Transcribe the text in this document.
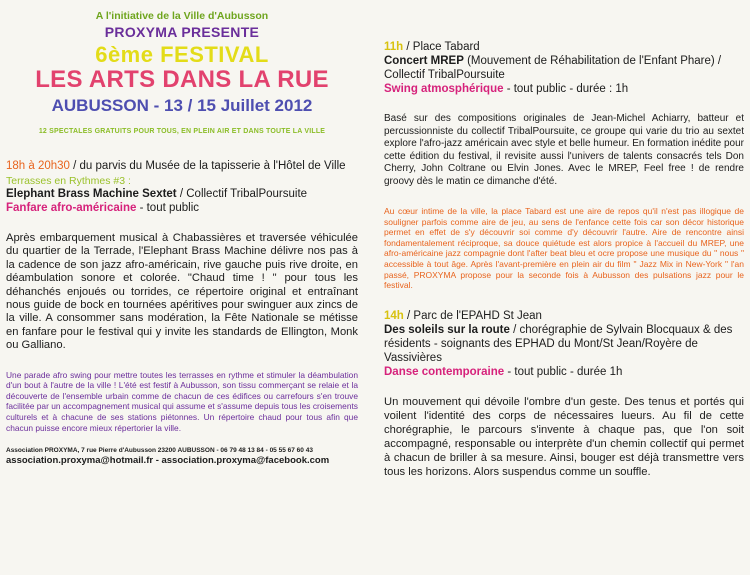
A l'initiative de la Ville d'Aubusson
PROXYMA PRESENTE
6ème FESTIVAL
LES ARTS DANS LA RUE
AUBUSSON - 13 / 15 Juillet 2012
12 SPECTALES GRATUITS POUR TOUS, EN PLEIN AIR ET DANS TOUTE LA VILLE
18h à 20h30 / du parvis du Musée de la tapisserie à l'Hôtel de Ville
Terrasses en Rythmes #3 :
Elephant Brass Machine Sextet / Collectif TribalPoursuite
Fanfare afro-américaine - tout public
Après embarquement musical à Chabassières et traversée véhiculée du quartier de la Terrade, l'Elephant Brass Machine délivre nos pas à la cadence de son jazz afro-américain, rive gauche puis rive droite, en déambulation sonore et colorée. "Chaud time ! " pour tous les déhanchés enjoués ou torrides, ce répertoire original et entraînant nous guide de bock en tournées apéritives pour swinguer aux zincs de la ville. A consommer sans modération, la Fête Nationale se métisse en fanfare pour le festival qui y invite les standards de Ellington, Monk ou Galliano.
Une parade afro swing pour mettre toutes les terrasses en rythme et stimuler la déambulation d'un bout à l'autre de la ville ! L'été est festif à Aubusson, son tissu commerçant se relaie et la découverte de l'ensemble urbain comme de chacun de ces édifices ou carrefours s'en trouve facilitée par un accompagnement musical qui assume et s'assume depuis tous les croisements culturels et à chacune de ses stations piétonnes. Un répertoire chaud pour tous afin que chacun puisse encore mieux répertorier la ville.
Association PROXYMA, 7 rue Pierre d'Aubusson 23200 AUBUSSON - 06 79 48 13 84 - 05 55 67 60 43
association.proxyma@hotmail.fr - association.proxyma@facebook.com
11h / Place Tabard
Concert MREP (Mouvement de Réhabilitation de l'Enfant Phare) / Collectif TribalPoursuite
Swing atmosphérique - tout public - durée : 1h
Basé sur des compositions originales de Jean-Michel Achiarry, batteur et percussionniste du collectif TribalPoursuite, ce groupe qui varie du trio au sextet explore l'afro-jazz américain avec style et belle humeur. En formation inédite pour cette édition du festival, il revisite aussi l'univers de talents consacrés tels Don Cherry, John Coltrane ou Elvin Jones. Avec le MREP, Feel free ! de rendre groovy dès le matin ce dimanche d'été.
Au cœur intime de la ville, la place Tabard est une aire de repos qu'il n'est pas illogique de souligner parfois comme aire de jeu, au sens de l'enfance cette fois car son décor historique permet en effet de s'y découvrir soi comme d'y découvrir l'autre. Aire de rencontre ainsi fondamentalement réciproque, sa douce quiétude est alors propice à l'accueil du MREP, une afro-américaine jazz compagnie dont l'after beat bleu et ocre propose une musique du " nous " accessible à tout âge. Après l'avant-première en plein air du film " Jazz Mix in New-York " l'an passé, PROXYMA propose pour la seconde fois à Aubusson des pulsations jazz pour le festival.
14h / Parc de l'EPAHD St Jean
Des soleils sur la route / chorégraphie de Sylvain Blocquaux & des résidents - soignants des EPHAD du Mont/St Jean/Royère de Vassivières
Danse contemporaine - tout public - durée 1h
Un mouvement qui dévoile l'ombre d'un geste. Des tenus et portés qui voilent l'identité des corps de nécessaires lueurs. Au fil de cette chorégraphie, le parcours s'invente à chaque pas, que l'on soit accompagné, responsable ou interprète d'un chemin collectif qui permet à chacun de briller à sa mesure. Ainsi, bouger est déjà transmettre vers tous les horizons. Alors suspendus comme un souffle.
